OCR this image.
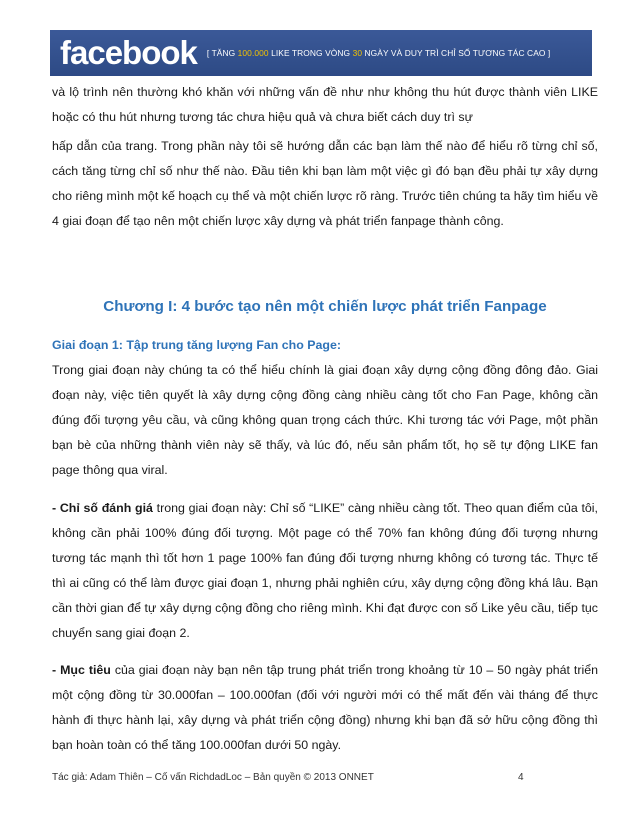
facebook [ TĂNG 100.000 LIKE TRONG VÒNG 30 NGÀY VÀ DUY TRÌ CHỈ SỐ TƯƠNG TÁC CAO ]

và lộ trình nên thường khó khăn với những vấn đề như như không thu hút được thành viên LIKE hoặc có thu hút nhưng tương tác chưa hiệu quả và chưa biết cách duy trì sự

hấp dẫn của trang. Trong phần này tôi sẽ hướng dẫn các bạn làm thế nào để hiểu rõ từng chỉ số, cách tăng từng chỉ số như thế nào. Đầu tiên khi bạn làm một việc gì đó bạn đều phải tự xây dựng cho riêng mình một kế hoạch cụ thể và một chiến lược rõ ràng. Trước tiên chúng ta hãy tìm hiểu về 4 giai đoạn để tạo nên một chiến lược xây dựng và phát triển fanpage thành công.

Chương I: 4 bước tạo nên một chiến lược phát triển Fanpage

Giai đoạn 1: Tập trung tăng lượng Fan cho Page:

Trong giai đoạn này chúng ta có thể hiểu chính là giai đoạn xây dựng cộng đồng đông đảo. Giai đoạn này, việc tiên quyết là xây dựng cộng đồng càng nhiều càng tốt cho Fan Page, không cần đúng đối tượng yêu cầu, và cũng không quan trọng cách thức. Khi tương tác với Page, một phần bạn bè của những thành viên này sẽ thấy, và lúc đó, nếu sản phẩm tốt, họ sẽ tự động LIKE fan page thông qua viral.

- Chỉ số đánh giá trong giai đoạn này: Chỉ số “LIKE” càng nhiều càng tốt. Theo quan điểm của tôi, không cần phải 100% đúng đối tượng. Một page có thể 70% fan không đúng đối tượng nhưng tương tác mạnh thì tốt hơn 1 page 100% fan đúng đối tượng nhưng không có tương tác. Thực tế thì ai cũng có thể làm được giai đoạn 1, nhưng phải nghiên cứu, xây dựng cộng đồng khá lâu. Bạn cần thời gian để tự xây dựng cộng đồng cho riêng mình. Khi đạt được con số Like yêu cầu, tiếp tục chuyển sang giai đoạn 2.

- Mục tiêu của giai đoạn này bạn nên tập trung phát triển trong khoảng từ 10 – 50 ngày phát triển một cộng đồng từ 30.000fan – 100.000fan (đối với người mới có thể mất đến vài tháng để thực hành đi thực hành lại, xây dựng và phát triển cộng đồng) nhưng khi bạn đã sở hữu cộng đồng thì bạn hoàn toàn có thể tăng 100.000fan dưới 50 ngày.

Tác giả: Adam Thiên – Cố vấn RichdadLoc – Bản quyền © 2013 ONNET	4
